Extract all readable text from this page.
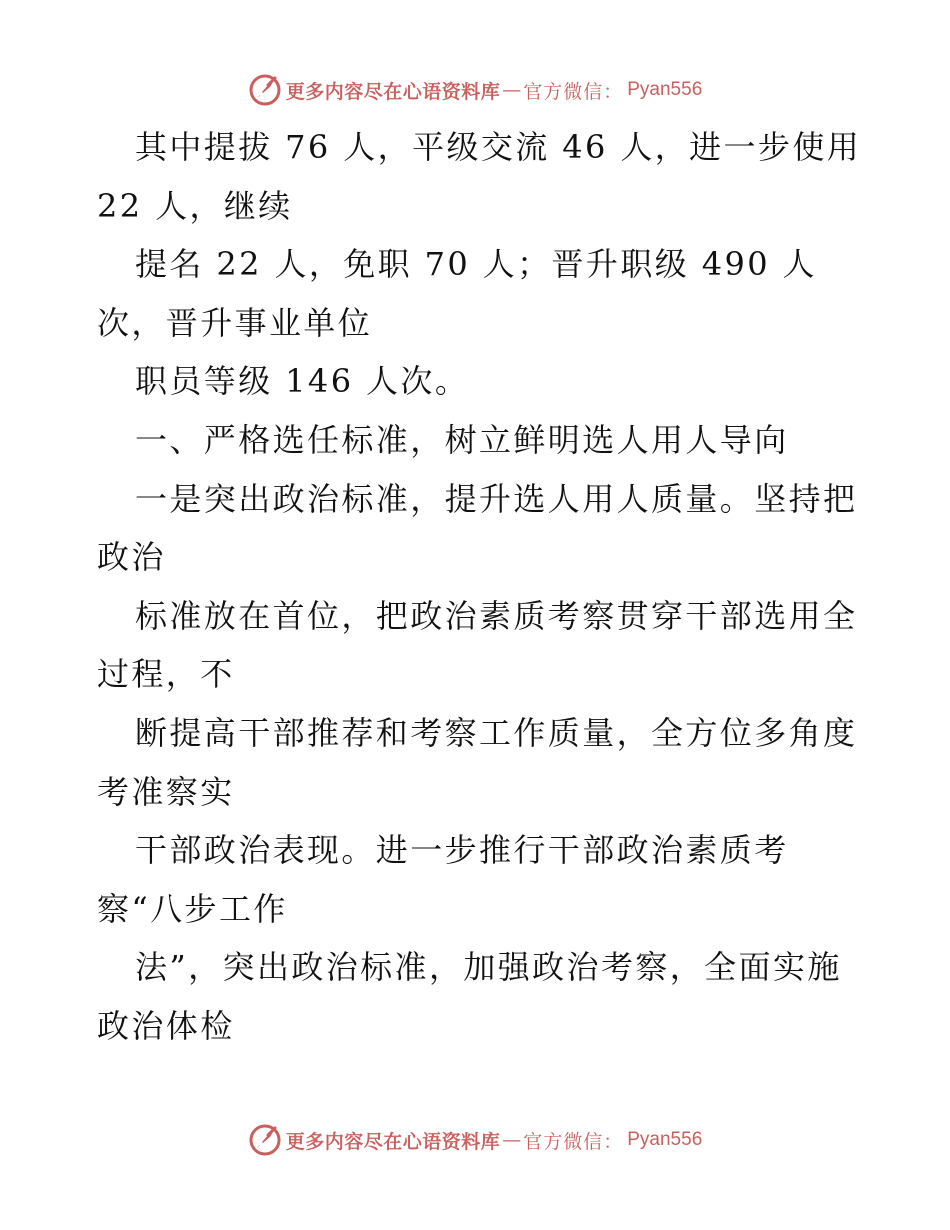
更多内容尽在心语资料库 — 官方微信： Pyan556
其中提拔 76 人，平级交流 46 人，进一步使用
22 人，继续
提名 22 人，免职 70 人；晋升职级 490 人
次，晋升事业单位
职员等级 146 人次。
一、严格选任标准，树立鲜明选人用人导向
一是突出政治标准，提升选人用人质量。坚持把
政治
标准放在首位，把政治素质考察贯穿干部选用全
过程，不
断提高干部推荐和考察工作质量，全方位多角度
考准察实
干部政治表现。进一步推行干部政治素质考
察“八步工作
法”，突出政治标准，加强政治考察，全面实施
政治体检
更多内容尽在心语资料库 — 官方微信： Pyan556
